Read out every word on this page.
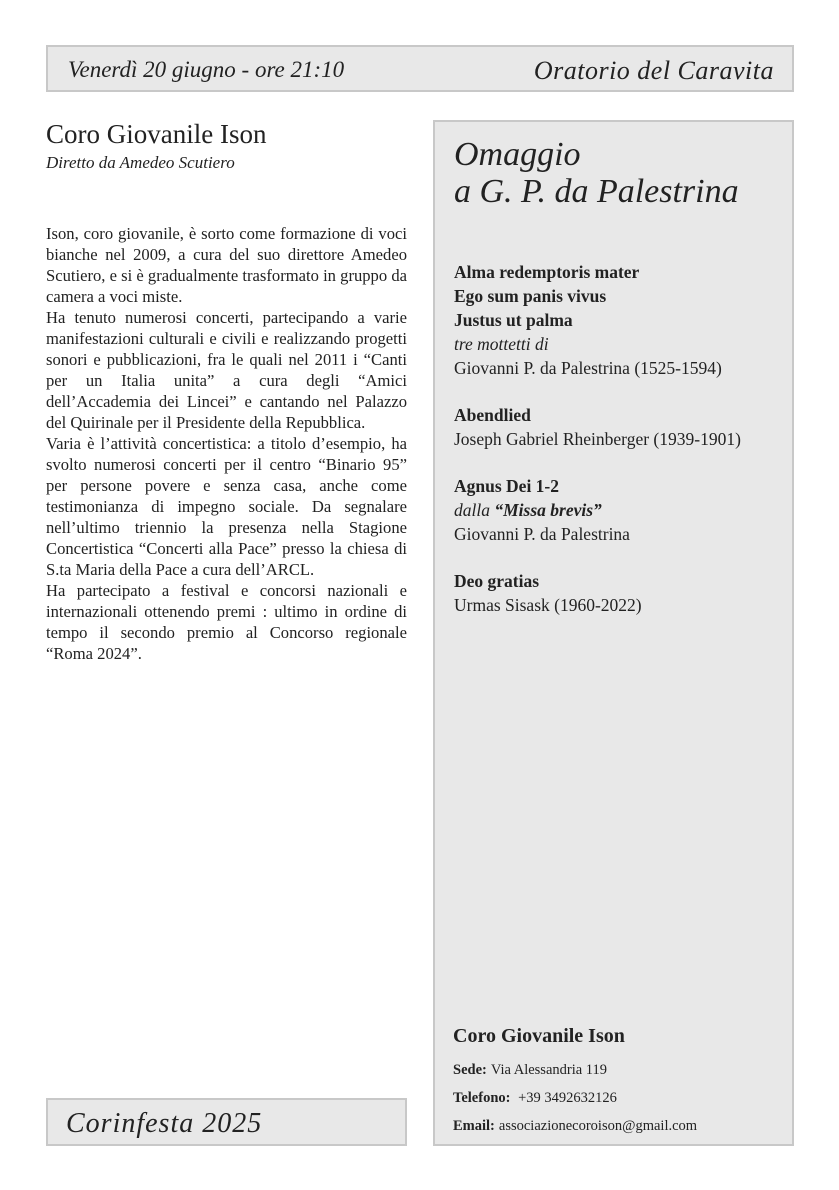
Venerdì 20 giugno - ore 21:10	Oratorio del Caravita
Coro Giovanile Ison
Diretto da Amedeo Scutiero

Ison, coro giovanile, è sorto come formazione di voci bianche nel 2009, a cura del suo direttore Amedeo Scutiero, e si è gradualmente trasformato in gruppo da camera a voci miste.

Ha tenuto numerosi concerti, partecipando a varie manifestazioni culturali e civili e realizzando progetti sonori e pubblicazioni, fra le quali nel 2011 i “Canti per un Italia unita” a cura degli “Amici dell’Accademia dei Lincei” e cantando nel Palazzo del Quirinale per il Presidente della Repubblica.

Varia è l’attività concertistica: a titolo d’esempio, ha svolto numerosi concerti per il centro “Binario 95” per persone povere e senza casa, anche come testimonianza di impegno sociale. Da segnalare nell’ultimo triennio la presenza nella Stagione Concertistica “Concerti alla Pace” presso la chiesa di S.ta Maria della Pace a cura dell’ARCL.

Ha partecipato a festival e concorsi nazionali e internazionali ottenendo premi : ultimo in ordine di tempo il secondo premio al Concorso regionale “Roma 2024”.

Corinfesta 2025
Omaggio
a G. P. da Palestrina
Alma redemptoris mater
Ego sum panis vivus
Justus ut palma
tre mottetti di
Giovanni P. da Palestrina (1525-1594)
Abendlied
Joseph Gabriel Rheinberger (1939-1901)
Agnus Dei 1-2
dalla “Missa brevis”
Giovanni P. da Palestrina
Deo gratias
Urmas Sisask (1960-2022)
Coro Giovanile Ison
Sede: Via Alessandria 119
Telefono: +39 3492632126
Email: associazionecoroison@gmail.com
